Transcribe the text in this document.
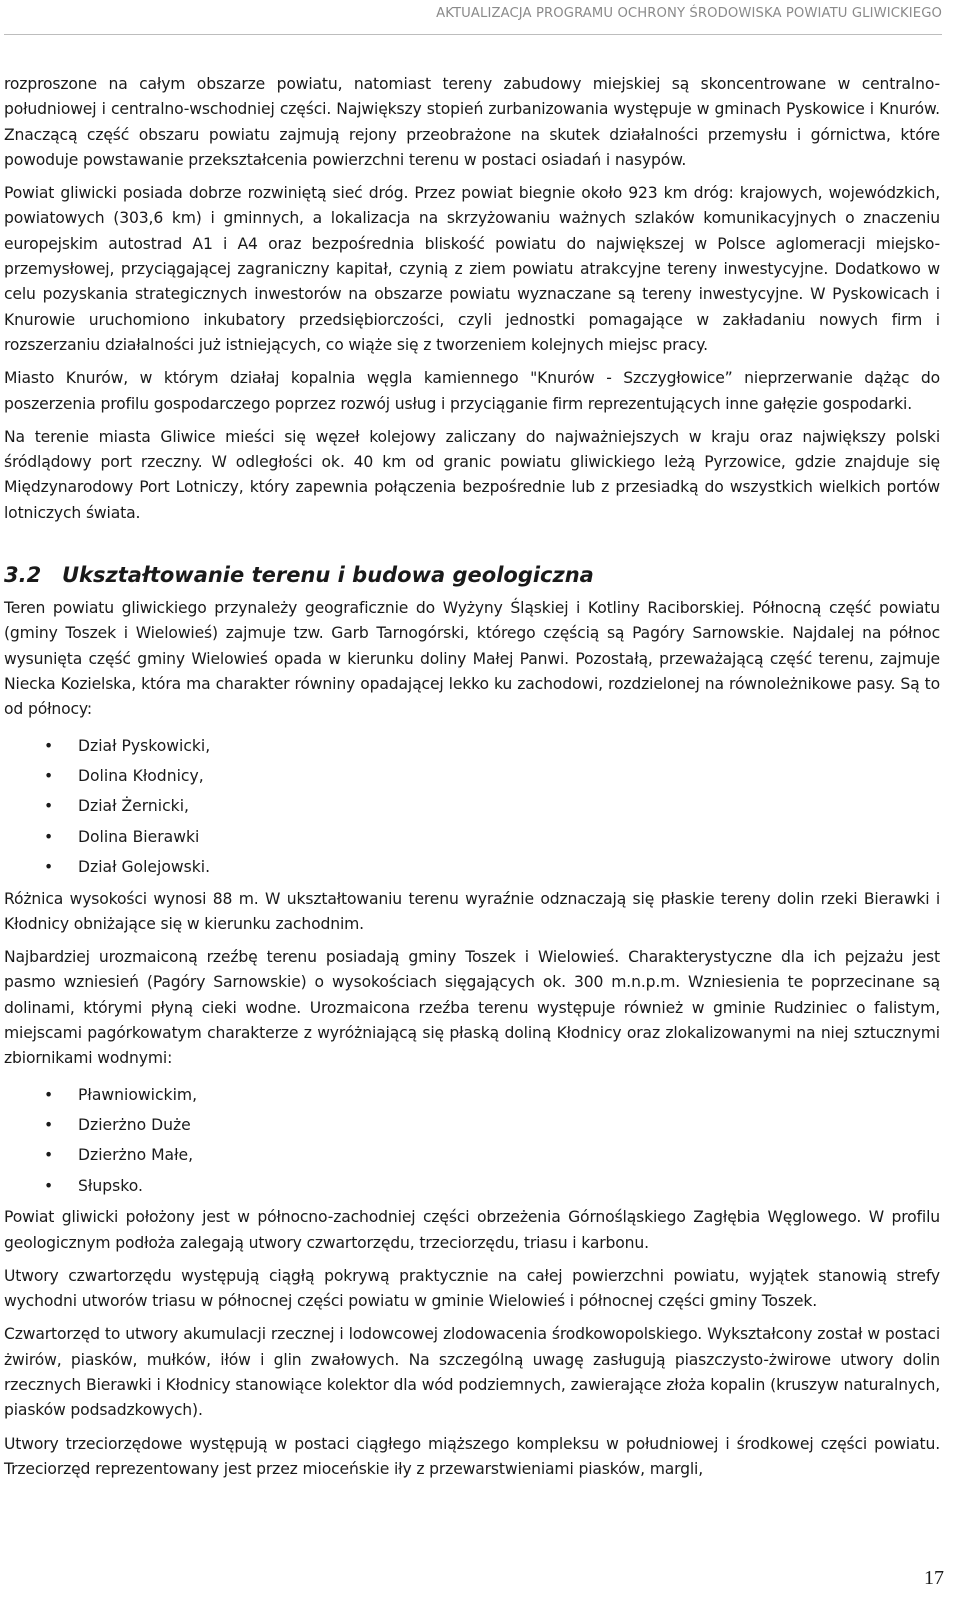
AKTUALIZACJA PROGRAMU OCHRONY ŚRODOWISKA POWIATU GLIWICKIEGO

rozproszone na całym obszarze powiatu, natomiast tereny zabudowy miejskiej są skoncentrowane w centralno-południowej i centralno-wschodniej części. Największy stopień zurbanizowania występuje w gminach Pyskowice i Knurów. Znaczącą część obszaru powiatu zajmują rejony przeobrażone na skutek działalności przemysłu i górnictwa, które powoduje powstawanie przekształcenia powierzchni terenu w postaci osiadań i nasypów.

Powiat gliwicki posiada dobrze rozwiniętą sieć dróg. Przez powiat biegnie około 923 km dróg: krajowych, wojewódzkich, powiatowych (303,6 km) i gminnych, a lokalizacja na skrzyżowaniu ważnych szlaków komunikacyjnych o znaczeniu europejskim autostrad A1 i A4 oraz bezpośrednia bliskość powiatu do największej w Polsce aglomeracji miejsko-przemysłowej, przyciągającej zagraniczny kapitał, czynią z ziem powiatu atrakcyjne tereny inwestycyjne. Dodatkowo w celu pozyskania strategicznych inwestorów na obszarze powiatu wyznaczane są tereny inwestycyjne. W Pyskowicach i Knurowie uruchomiono inkubatory przedsiębiorczości, czyli jednostki pomagające w zakładaniu nowych firm i rozszerzaniu działalności już istniejących, co wiąże się z tworzeniem kolejnych miejsc pracy.

Miasto Knurów, w którym działaj kopalnia węgla kamiennego "Knurów - Szczygłowice” nieprzerwanie dążąc do poszerzenia profilu gospodarczego poprzez rozwój usług i przyciąganie firm reprezentujących inne gałęzie gospodarki.

Na terenie miasta Gliwice mieści się węzeł kolejowy zaliczany do najważniejszych w kraju oraz największy polski śródlądowy port rzeczny. W odległości ok. 40 km od granic powiatu gliwickiego leżą Pyrzowice, gdzie znajduje się Międzynarodowy Port Lotniczy, który zapewnia połączenia bezpośrednie lub z przesiadką do wszystkich wielkich portów lotniczych świata.

3.2 Ukształtowanie terenu i budowa geologiczna

Teren powiatu gliwickiego przynależy geograficznie do Wyżyny Śląskiej i Kotliny Raciborskiej. Północną część powiatu (gminy Toszek i Wielowieś) zajmuje tzw. Garb Tarnogórski, którego częścią są Pagóry Sarnowskie. Najdalej na północ wysunięta część gminy Wielowieś opada w kierunku doliny Małej Panwi. Pozostałą, przeważającą część terenu, zajmuje Niecka Kozielska, która ma charakter równiny opadającej lekko ku zachodowi, rozdzielonej na równoleżnikowe pasy. Są to od północy:

• Dział Pyskowicki,
• Dolina Kłodnicy,
• Dział Żernicki,
• Dolina Bierawki
• Dział Golejowski.

Różnica wysokości wynosi 88 m. W ukształtowaniu terenu wyraźnie odznaczają się płaskie tereny dolin rzeki Bierawki i Kłodnicy obniżające się w kierunku zachodnim.

Najbardziej urozmaiconą rzeźbę terenu posiadają gminy Toszek i Wielowieś. Charakterystyczne dla ich pejzażu jest pasmo wzniesień (Pagóry Sarnowskie) o wysokościach sięgających ok. 300 m.n.p.m. Wzniesienia te poprzecinane są dolinami, którymi płyną cieki wodne. Urozmaicona rzeźba terenu występuje również w gminie Rudziniec o falistym, miejscami pagórkowatym charakterze z wyróżniającą się płaską doliną Kłodnicy oraz zlokalizowanymi na niej sztucznymi zbiornikami wodnymi:

• Pławniowickim,
• Dzierżno Duże
• Dzierżno Małe,
• Słupsko.

Powiat gliwicki położony jest w północno-zachodniej części obrzeżenia Górnośląskiego Zagłębia Węglowego. W profilu geologicznym podłoża zalegają utwory czwartorzędu, trzeciorzędu, triasu i karbonu.

Utwory czwartorzędu występują ciągłą pokrywą praktycznie na całej powierzchni powiatu, wyjątek stanowią strefy wychodni utworów triasu w północnej części powiatu w gminie Wielowieś i północnej części gminy Toszek.

Czwartorzęd to utwory akumulacji rzecznej i lodowcowej zlodowacenia środkowopolskiego. Wykształcony został w postaci żwirów, piasków, mułków, iłów i glin zwałowych. Na szczególną uwagę zasługują piaszczysto-żwirowe utwory dolin rzecznych Bierawki i Kłodnicy stanowiące kolektor dla wód podziemnych, zawierające złoża kopalin (kruszyw naturalnych, piasków podsadzkowych).

Utwory trzeciorzędowe występują w postaci ciągłego miąższego kompleksu w południowej i środkowej części powiatu. Trzeciorzęd reprezentowany jest przez mioceńskie iły z przewarstwieniami piasków, margli,

17
